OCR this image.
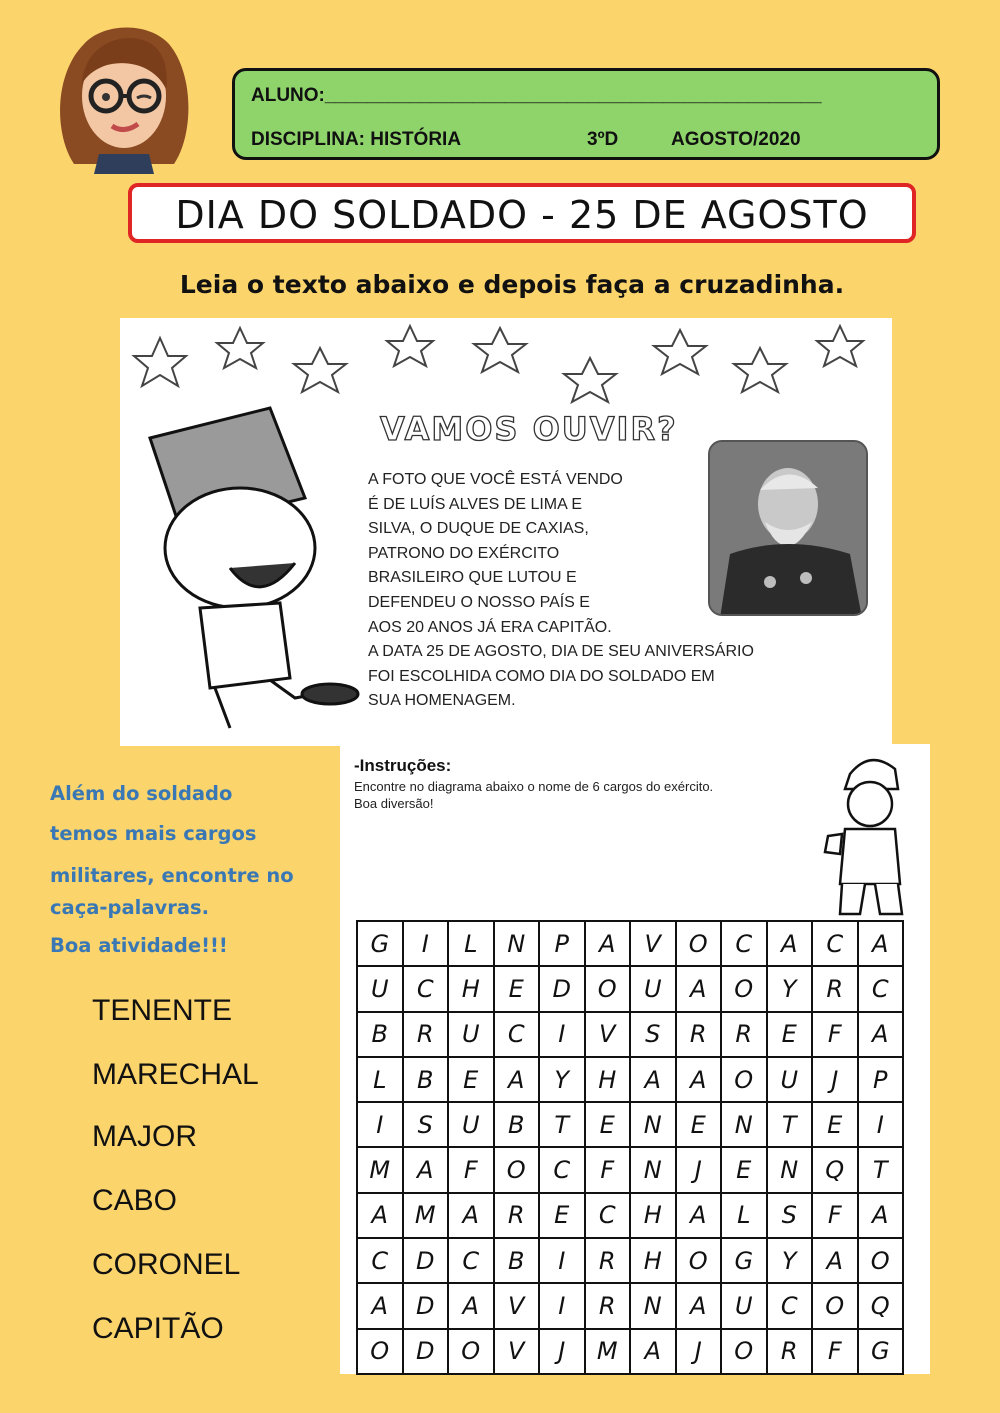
ALUNO:_______________________________________________
DISCIPLINA: HISTÓRIA	3ºD	AGOSTO/2020
DIA DO SOLDADO - 25 DE AGOSTO
Leia o texto abaixo e depois faça a cruzadinha.
VAMOS OUVIR?
A FOTO QUE VOCÊ ESTÁ VENDO
É DE LUÍS ALVES DE LIMA E
SILVA, O DUQUE DE CAXIAS,
PATRONO DO EXÉRCITO
BRASILEIRO QUE LUTOU E
DEFENDEU O NOSSO PAÍS E
AOS 20 ANOS JÁ ERA CAPITÃO.
A DATA 25 DE AGOSTO, DIA DE SEU ANIVERSÁRIO
FOI ESCOLHIDA COMO DIA DO SOLDADO EM
SUA HOMENAGEM.
-Instruções:
Encontre no diagrama abaixo o nome de 6 cargos do exército.
Boa diversão!
G	I	L	N	P	A	V	O	C	A	C	A
U	C	H	E	D	O	U	A	O	Y	R	C
B	R	U	C	I	V	S	R	R	E	F	A
L	B	E	A	Y	H	A	A	O	U	J	P
I	S	U	B	T	E	N	E	N	T	E	I
M	A	F	O	C	F	N	J	E	N	Q	T
A	M	A	R	E	C	H	A	L	S	F	A
C	D	C	B	I	R	H	O	G	Y	A	O
A	D	A	V	I	R	N	A	U	C	O	Q
O	D	O	V	J	M	A	J	O	R	F	G
Além do soldado
temos mais cargos
militares, encontre no
caça-palavras.
Boa atividade!!!
TENENTE
MARECHAL
MAJOR
CABO
CORONEL
CAPITÃO
